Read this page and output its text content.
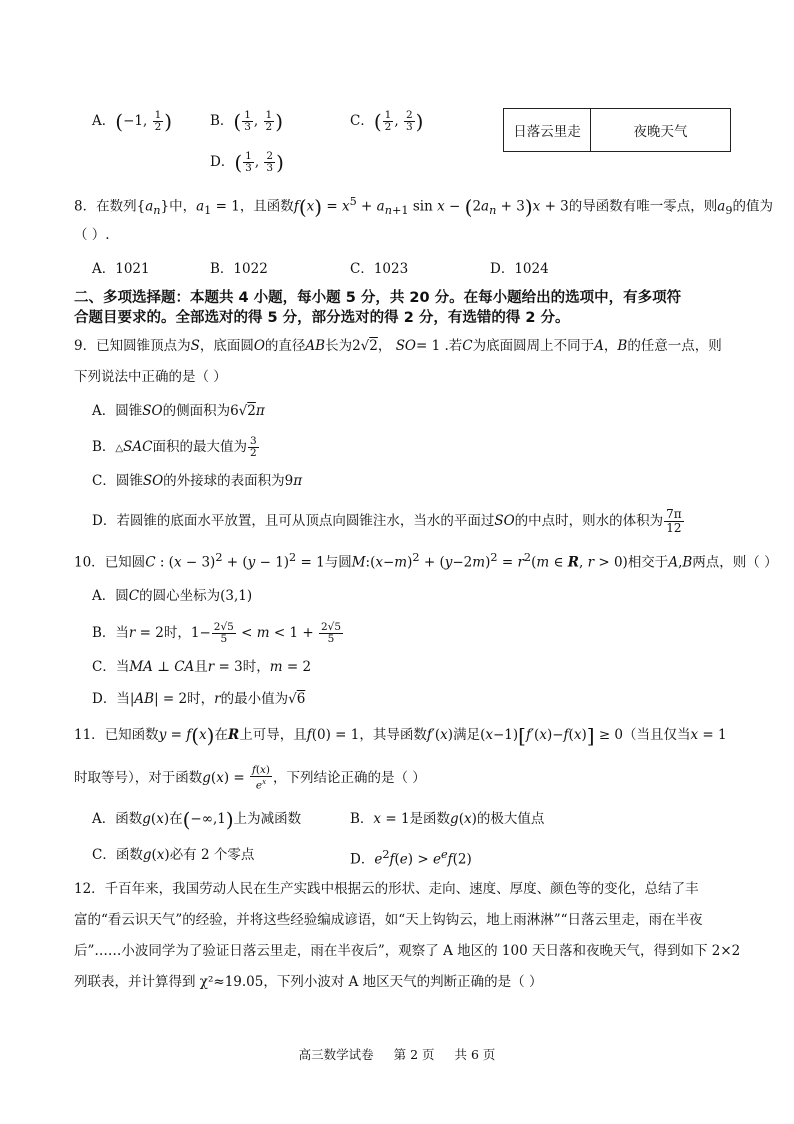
A．(−1, $\frac{1}{2}$ )	B．( $\frac{1}{3}$ , $\frac{1}{2}$ )	C．( $\frac{1}{2}$ , $\frac{2}{3}$ )
D．( $\frac{1}{3}$ , $\frac{2}{3}$ )
日落云里走	夜晚天气
8．在数列$\{a_n\}$中，$a_1 = 1$，且函数$f(x) = x^5 + a_{n+1}$ $\sin x - (2a_n + 3)x + 3$的导函数有唯一零点，则$a_9$的值为
（ ）.
A．1021	B．1022	C．1023	D．1024
二、多项选择题：本题共 4 小题，每小题 5 分，共 20 分。在每小题给出的选项中，有多项符
合题目要求的。全部选对的得 5 分，部分选对的得 2 分，有选错的得 2 分。
9．已知圆锥顶点为S，底面圆O的直径AB长为2√2， SO= 1 .若C为底面圆周上不同于A，B的任意一点，则
下列说法中正确的是（ ）
A．圆锥SO的侧面积为6√2π
B．△SAC面积的最大值为 $\frac{3}{2}$
C．圆锥SO的外接球的表面积为9π
D．若圆锥的底面水平放置，且可从顶点向圆锥注水，当水的平面过SO的中点时，则水的体积为 $\frac{7\pi}{12}$
10．已知圆C : $(x - 3)^2 + (y - 1)^2 = 1$与圆$M:(x-m)^2 + (y-2m)^2 = r^2(m$ ∈ R, r > 0)相交于A,B两点，则（ ）
A．圆C的圆心坐标为(3,1)
B．当r = 2时，$1- \frac{2√5}{5} < m < 1 + \frac{2√5}{5}$
C．当MA ⊥ CA且r = 3时，m = 2
D．当|AB| = 2时，r的最小值为√6
11．已知函数y = f(x)在R上可导，且f(0) = 1，其导函数f′(x)满足(x−1)[f′(x)−f(x)] ≥ 0（当且仅当x = 1
时取等号），对于函数$g(x) = \frac{f(x)}{e^x}$ ，下列结论正确的是（ ）
A．函数g(x)在(−∞,1)上为减函数	B．x = 1是函数g(x)的极大值点
C．函数g(x)必有 2 个零点	D．$e^2f(e) > e^ef(2)$
12．千百年来，我国劳动人民在生产实践中根据云的形状、走向、速度、厚度、颜色等的变化，总结了丰
富的“看云识天气”的经验，并将这些经验编成谚语，如“天上钩钩云，地上雨淋淋”“日落云里走，雨在半夜
后”……小波同学为了验证日落云里走，雨在半夜后”，观察了 A 地区的 100 天日落和夜晚天气，得到如下 2×2
列联表，并计算得到 χ²≈19.05，下列小波对 A 地区天气的判断正确的是（ ）
高三数学试卷 第 2 页 共 6 页
